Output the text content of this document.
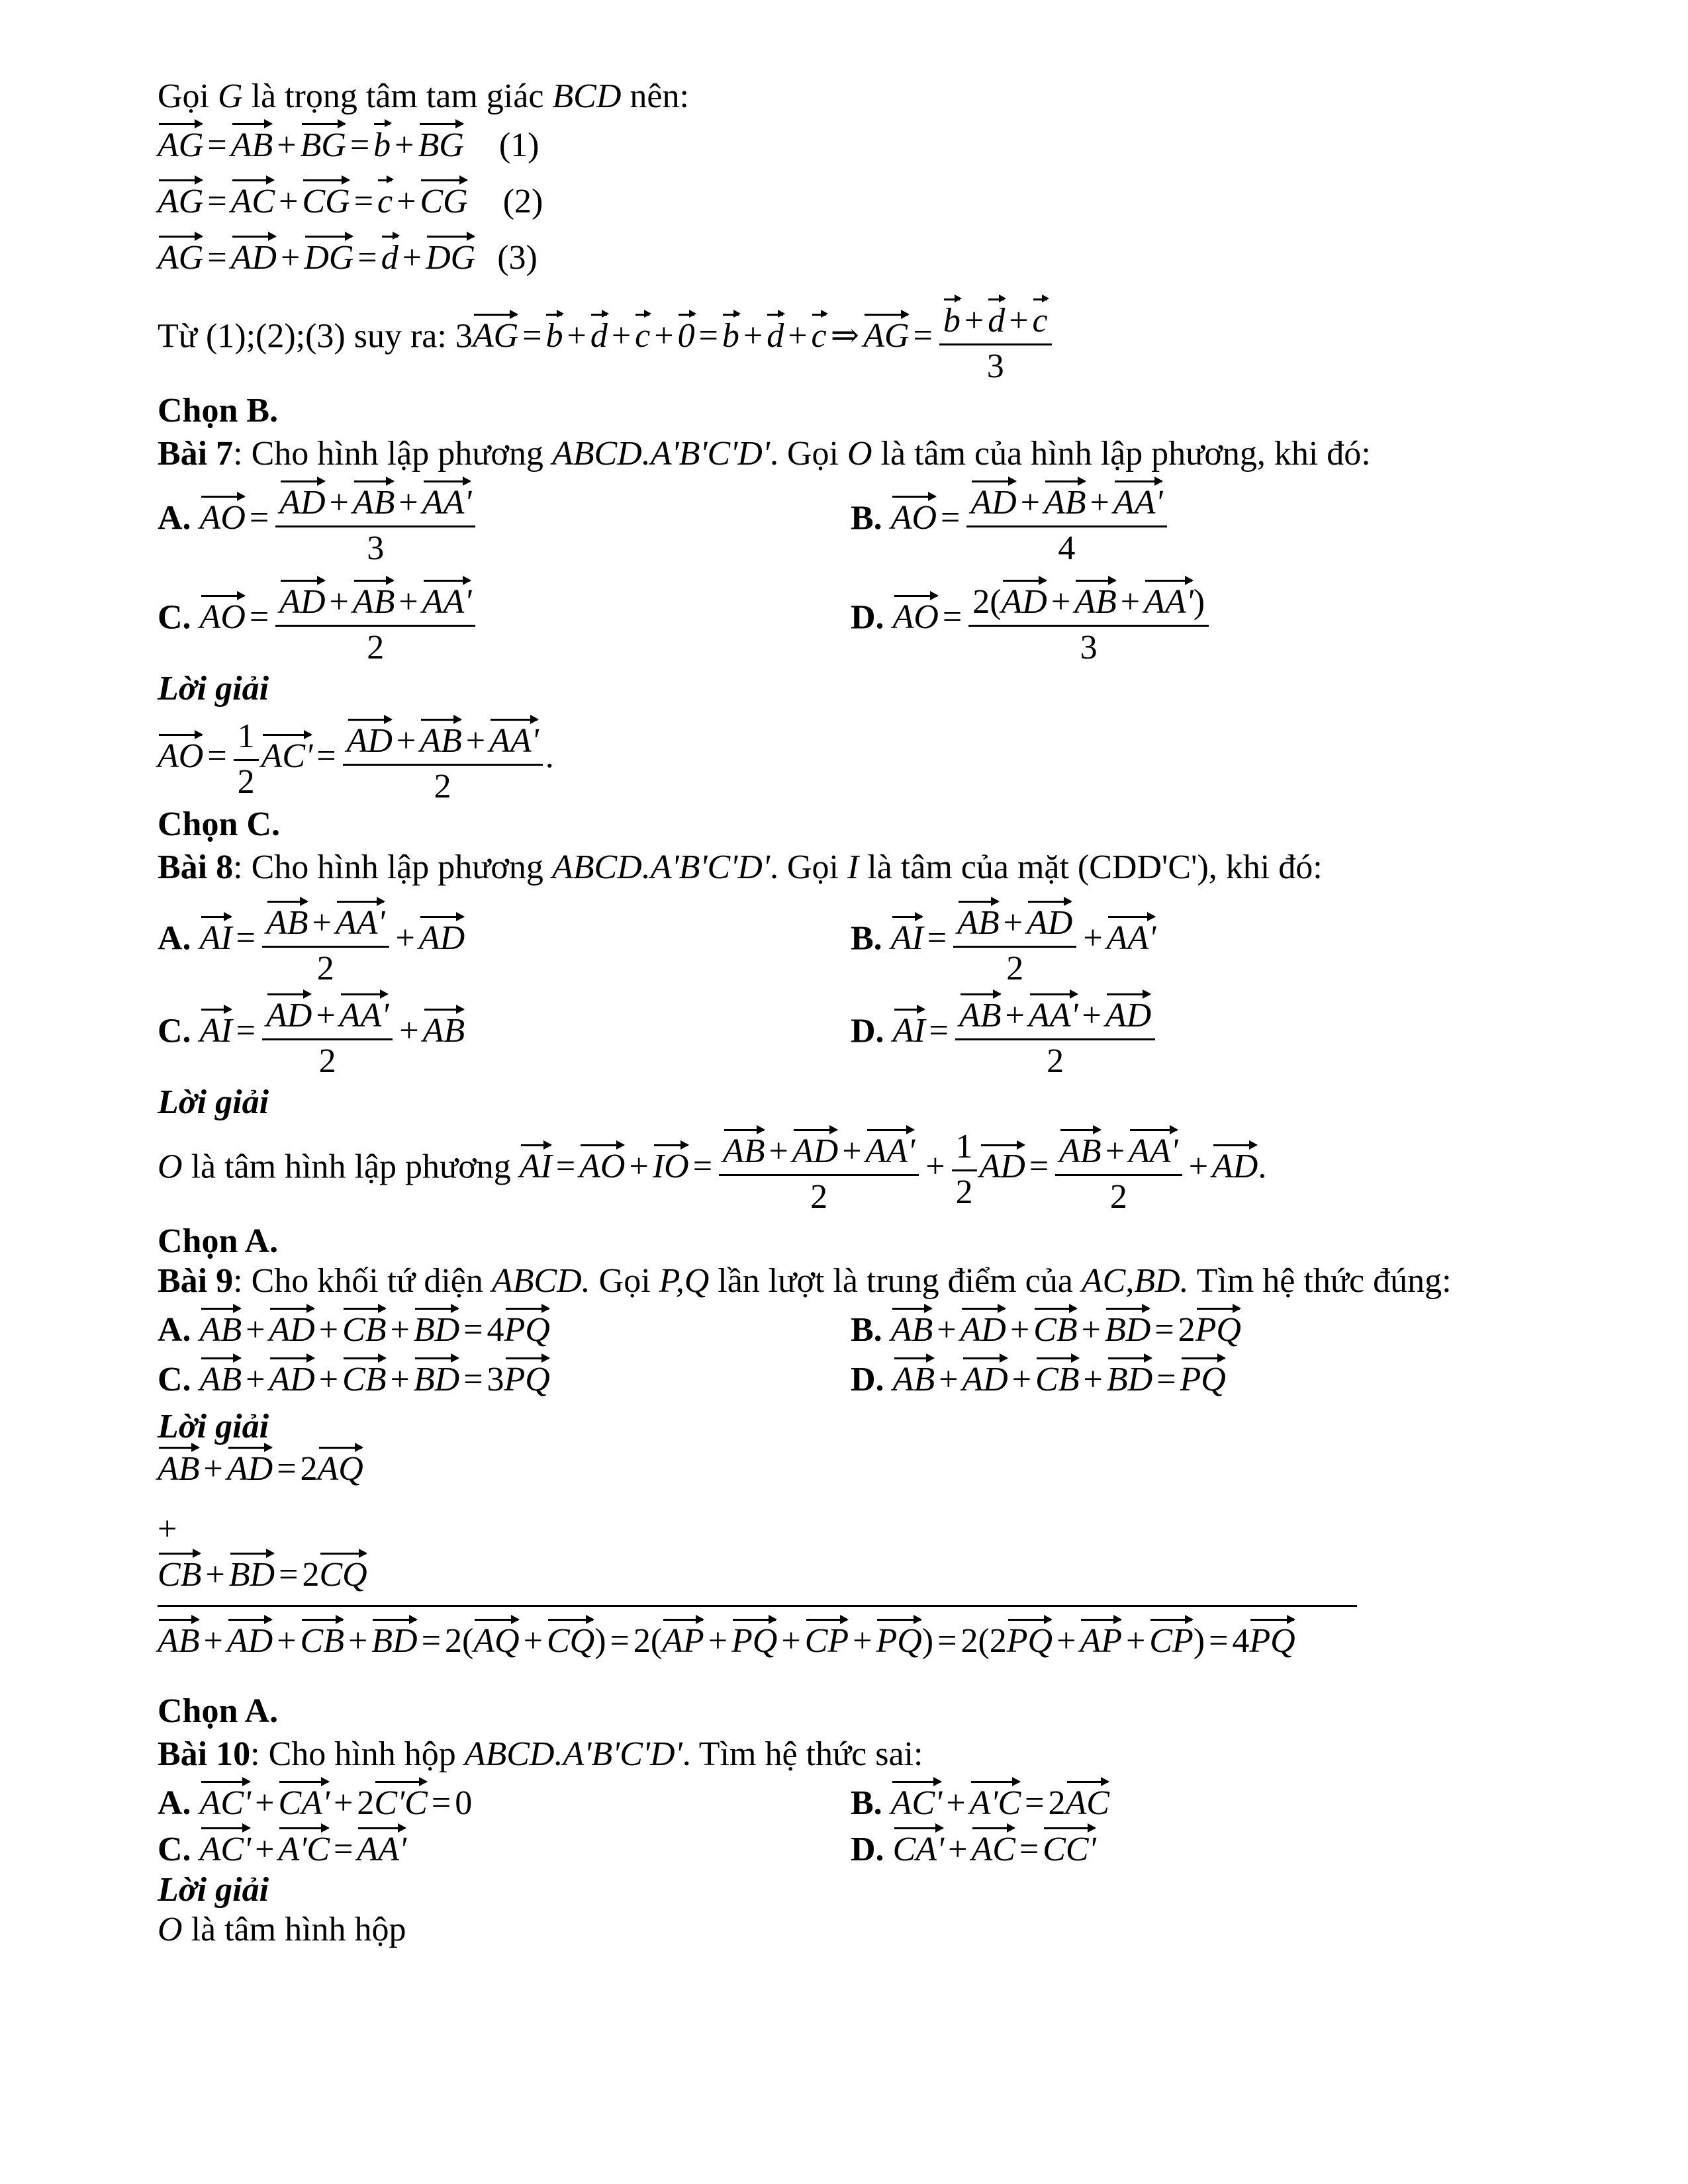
Gọi G là trọng tâm tam giác BCD nên:
AG = AB + BG = b + BG (1)
AG = AC + CG = c + CG (2)
AG = AD + DG = d + DG (3)
Từ (1);(2);(3) suy ra: 3AG = b + d + c + 0 = b + d + c ⇒ AG = $\frac{b + d + c}{3}$
Chọn B.
Bài 7: Cho hình lập phương ABCD.A'B'C'D'. Gọi O là tâm của hình lập phương, khi đó:
A. AO = $\frac{AD + AB + AA'}{3}$	B. AO = $\frac{AD + AB + AA'}{4}$
C. AO = $\frac{AD + AB + AA'}{2}$	D. AO = $\frac{2(AD + AB + AA')}{3}$
Lời giải
AO = $\frac{1}{2} AC' = \frac{AD + AB + AA'}{2}$ .
Chọn C.
Bài 8: Cho hình lập phương ABCD.A'B'C'D'. Gọi I là tâm của mặt (CDD'C'), khi đó:
A. AI = $\frac{AB + AA'}{2}$ + AD	B. AI = $\frac{AB + AD}{2} + AA'$
C. AI = $\frac{AD + AA'}{2}$ + AB	D. AI = $\frac{AB + AA' + AD}{2}$
Lời giải
O là tâm hình lập phương AI = AO + IO = $\frac{AB + AD + AA'}{2} + \frac{1}{2}$ AD = $\frac{AB + AA'}{2}$ + AD.
Chọn A.
Bài 9: Cho khối tứ diện ABCD. Gọi P,Q lần lượt là trung điểm của AC,BD. Tìm hệ thức đúng:
A. AB + AD + CB + BD = 4PQ	B. AB + AD + CB + BD = 2PQ
C. AB + AD + CB + BD = 3PQ	D. AB + AD + CB + BD = PQ
Lời giải
AB + AD = 2AQ
+
CB + BD = 2CQ
AB + AD + CB + BD = 2(AQ + CQ) = 2(AP + PQ + CP + PQ) = 2(2PQ + AP + CP) = 4PQ
Chọn A.
Bài 10: Cho hình hộp ABCD.A'B'C'D'. Tìm hệ thức sai:
A. AC' + CA' + 2C'C = 0	B. AC' + A'C = 2AC
C. AC' + A'C = AA'	D. CA' + AC = CC'
Lời giải
O là tâm hình hộp
